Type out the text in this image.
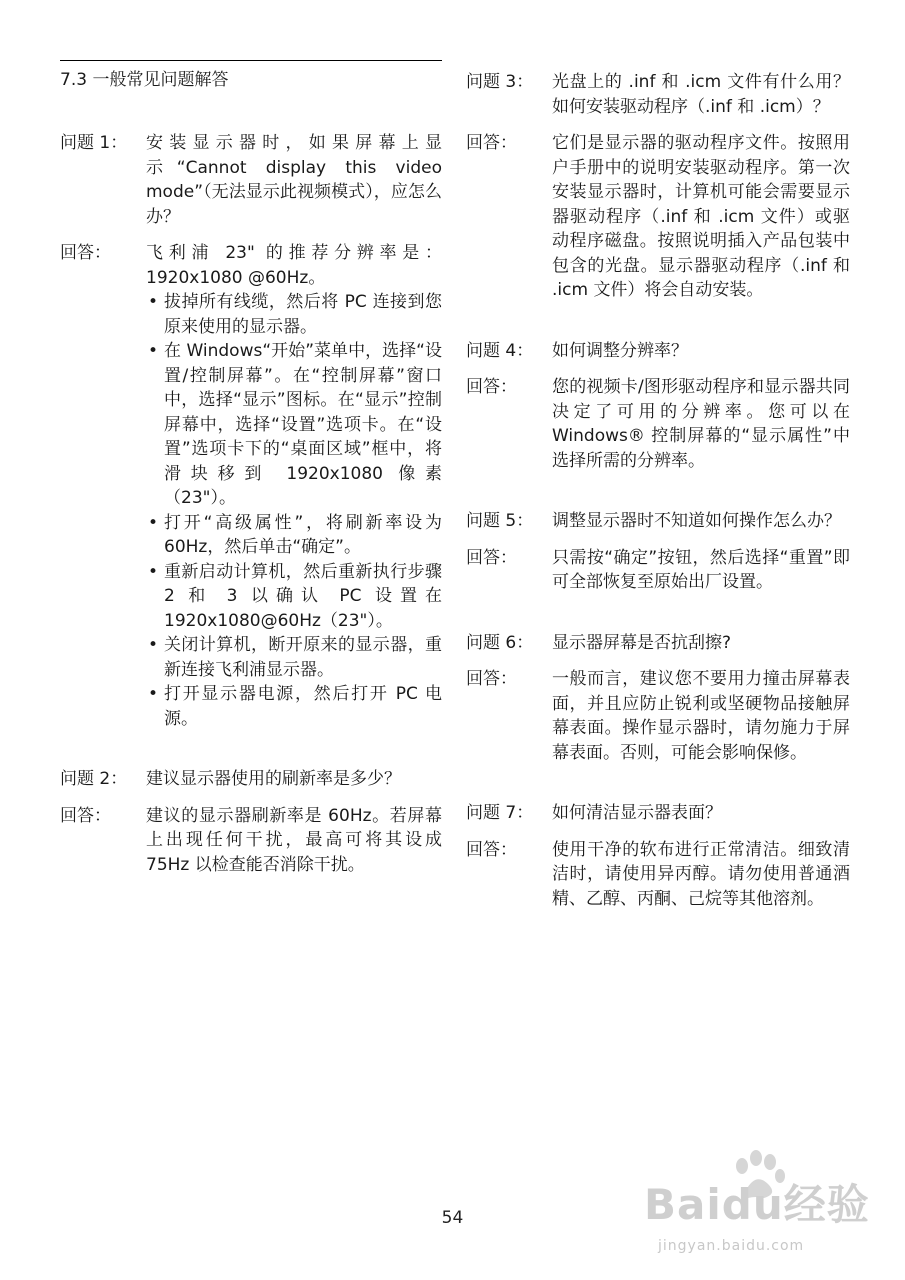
7.3 一般常见问题解答
问题 1：	安装显示器时，如果屏幕上显示“Cannot display this video mode”（无法显示此视频模式），应怎么办？
回答：	飞利浦 23" 的推荐分辨率是：1920x1080 @60Hz。
• 拔掉所有线缆，然后将 PC 连接到您原来使用的显示器。
• 在 Windows“开始”菜单中，选择“设置/控制屏幕”。在“控制屏幕”窗口中，选择“显示”图标。在“显示”控制屏幕中，选择“设置”选项卡。在“设置”选项卡下的“桌面区域”框中，将滑块移到 1920x1080 像素（23"）。
• 打开“高级属性”，将刷新率设为 60Hz，然后单击“确定”。
• 重新启动计算机，然后重新执行步骤 2 和 3 以确认 PC 设置在 1920x1080@60Hz（23"）。
• 关闭计算机，断开原来的显示器，重新连接飞利浦显示器。
• 打开显示器电源，然后打开 PC 电源。
问题 2：	建议显示器使用的刷新率是多少？
回答：	建议的显示器刷新率是 60Hz。若屏幕上出现任何干扰，最高可将其设成 75Hz 以检查能否消除干扰。
问题 3：	光盘上的 .inf 和 .icm 文件有什么用？如何安装驱动程序（.inf 和 .icm）？
回答：	它们是显示器的驱动程序文件。按照用户手册中的说明安装驱动程序。第一次安装显示器时，计算机可能会需要显示器驱动程序（.inf 和 .icm 文件）或驱动程序磁盘。按照说明插入产品包装中包含的光盘。显示器驱动程序（.inf 和 .icm 文件）将会自动安装。
问题 4：	如何调整分辨率？
回答：	您的视频卡/图形驱动程序和显示器共同决定了可用的分辨率。您可以在 Windows® 控制屏幕的“显示属性”中选择所需的分辨率。
问题 5：	调整显示器时不知道如何操作怎么办？
回答：	只需按“确定”按钮，然后选择“重置”即可全部恢复至原始出厂设置。
问题 6：	显示器屏幕是否抗刮擦?
回答：	一般而言，建议您不要用力撞击屏幕表面，并且应防止锐利或坚硬物品接触屏幕表面。操作显示器时，请勿施力于屏幕表面。否则，可能会影响保修。
问题 7：	如何清洁显示器表面？
回答：	使用干净的软布进行正常清洁。细致清洁时，请使用异丙醇。请勿使用普通酒精、乙醇、丙酮、己烷等其他溶剂。
54	Baidu经验
jingyan.baidu.com
